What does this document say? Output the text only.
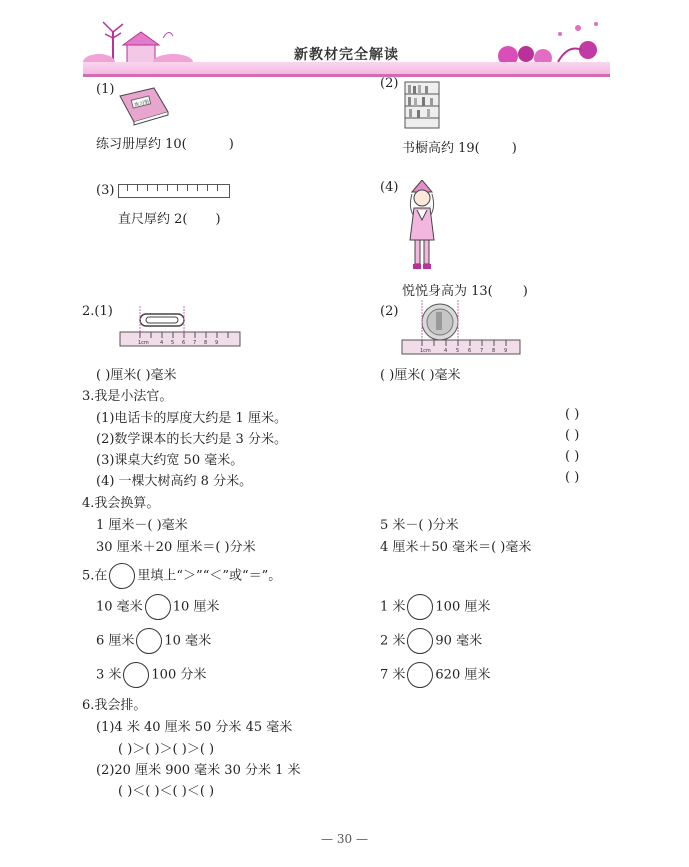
新教材完全解读
(1)
练习册
练习册厚约 10(	)
(2)
书橱高约 19( )
(3)
直尺厚约 2( )
(4)
悦悦身高为 13( )
2.(1)
1cm 4 5 6 7 8 9
( )厘米( )毫米
(2)
1cm	4 5 6 7 8 9
( )厘米( )毫米
3.我是小法官。
(1)电话卡的厚度大约是 1 厘米。	( )
(2)数学课本的长大约是 3 分米。	( )
(3)课桌大约宽 50 毫米。	( )
(4) 一棵大树高约 8 分米。	( )
4.我会换算。
1 厘米－( )毫米	5 米－( )分米
30 厘米＋20 厘米＝( )分米	4 厘米＋50 毫米＝( )毫米
5.在 里填上“＞”“＜”或“＝”。
10 毫米 10 厘米	1 米 100 厘米
6 厘米 10 毫米	2 米 90 毫米
3 米 100 分米	7 米 620 厘米
6.我会排。
(1)4 米 40 厘米 50 分米 45 毫米
( )＞( )＞( )＞( )
(2)20 厘米 900 毫米 30 分米 1 米
( )＜( )＜( )＜( )
— 30 —
